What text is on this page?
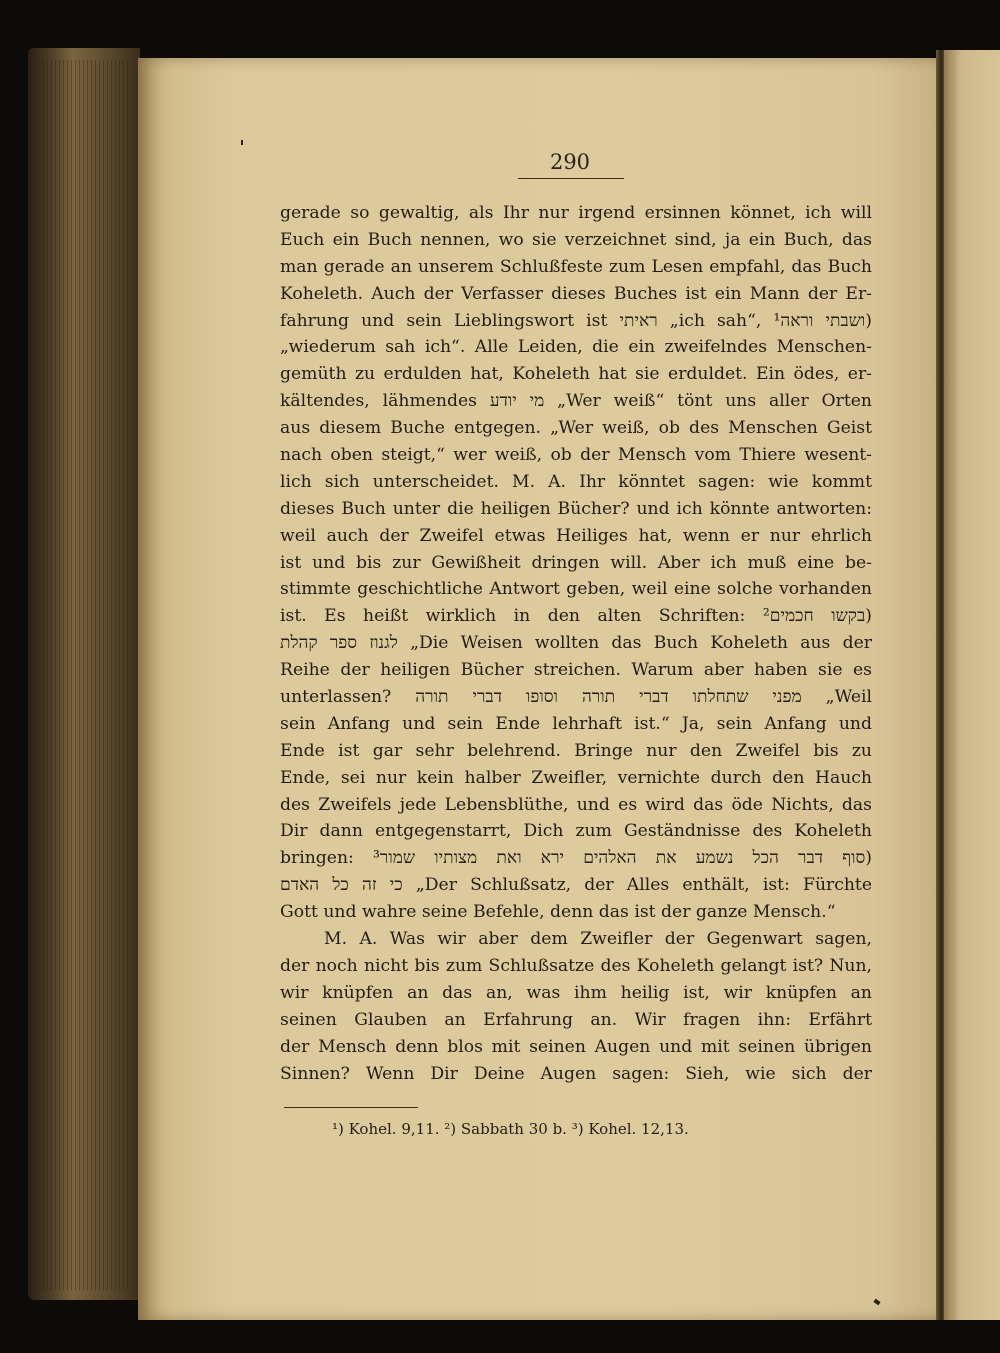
290
gerade so gewaltig, als Ihr nur irgend ersinnen könnet, ich will
Euch ein Buch nennen, wo sie verzeichnet sind, ja ein Buch, das
man gerade an unserem Schlußfeste zum Lesen empfahl, das Buch
Koheleth. Auch der Verfasser dieses Buches ist ein Mann der Er-
fahrung und sein Lieblingswort ist ראיתי „ich sah“, ושבתי וראה¹)
„wiederum sah ich“. Alle Leiden, die ein zweifelndes Menschen-
gemüth zu erdulden hat, Koheleth hat sie erduldet. Ein ödes, er-
kältendes, lähmendes מי יודע „Wer weiß“ tönt uns aller Orten
aus diesem Buche entgegen. „Wer weiß, ob des Menschen Geist
nach oben steigt,“ wer weiß, ob der Mensch vom Thiere wesent-
lich sich unterscheidet. M. A. Ihr könntet sagen: wie kommt
dieses Buch unter die heiligen Bücher? und ich könnte antworten:
weil auch der Zweifel etwas Heiliges hat, wenn er nur ehrlich
ist und bis zur Gewißheit dringen will. Aber ich muß eine be-
stimmte geschichtliche Antwort geben, weil eine solche vorhanden
ist. Es heißt wirklich in den alten Schriften: בקשו חכמים²)
לגנוז ספר קהלת „Die Weisen wollten das Buch Koheleth aus der
Reihe der heiligen Bücher streichen. Warum aber haben sie es
unterlassen? מפני שתחלתו דברי תורה וסופו דברי תורה „Weil
sein Anfang und sein Ende lehrhaft ist.“ Ja, sein Anfang und
Ende ist gar sehr belehrend. Bringe nur den Zweifel bis zu
Ende, sei nur kein halber Zweifler, vernichte durch den Hauch
des Zweifels jede Lebensblüthe, und es wird das öde Nichts, das
Dir dann entgegenstarrt, Dich zum Geständnisse des Koheleth
bringen: סוף דבר הכל נשמע את האלהים ירא ואת מצותיו שמור³)
כי זה כל האדם „Der Schlußsatz, der Alles enthält, ist: Fürchte
Gott und wahre seine Befehle, denn das ist der ganze Mensch.“
M. A. Was wir aber dem Zweifler der Gegenwart sagen,
der noch nicht bis zum Schlußsatze des Koheleth gelangt ist? Nun,
wir knüpfen an das an, was ihm heilig ist, wir knüpfen an
seinen Glauben an Erfahrung an. Wir fragen ihn: Erfährt
der Mensch denn blos mit seinen Augen und mit seinen übrigen
Sinnen? Wenn Dir Deine Augen sagen: Sieh, wie sich der
¹) Kohel. 9,11. ²) Sabbath 30 b. ³) Kohel. 12,13.
